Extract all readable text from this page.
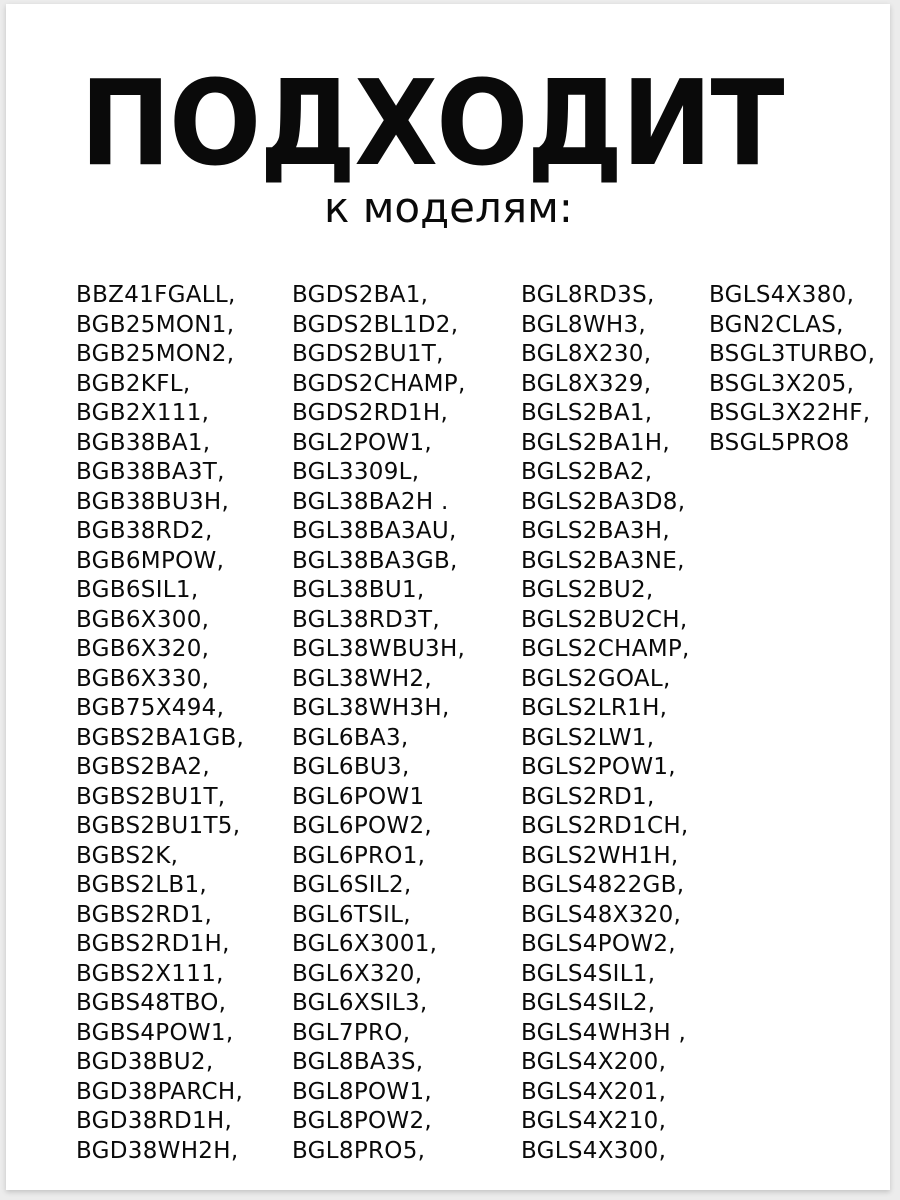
ПОДХОДИТ
к моделям:
BBZ41FGALL,
BGB25MON1,
BGB25MON2,
BGB2KFL,
BGB2X111,
BGB38BA1,
BGB38BA3T,
BGB38BU3H,
BGB38RD2,
BGB6MPOW,
BGB6SIL1,
BGB6X300,
BGB6X320,
BGB6X330,
BGB75X494,
BGBS2BA1GB,
BGBS2BA2,
BGBS2BU1T,
BGBS2BU1T5,
BGBS2K,
BGBS2LB1,
BGBS2RD1,
BGBS2RD1H,
BGBS2X111,
BGBS48TBO,
BGBS4POW1,
BGD38BU2,
BGD38PARCH,
BGD38RD1H,
BGD38WH2H,
BGDS2BA1,
BGDS2BL1D2,
BGDS2BU1T,
BGDS2CHAMP,
BGDS2RD1H,
BGL2POW1,
BGL3309L,
BGL38BA2H .
BGL38BA3AU,
BGL38BA3GB,
BGL38BU1,
BGL38RD3T,
BGL38WBU3H,
BGL38WH2,
BGL38WH3H,
BGL6BA3,
BGL6BU3,
BGL6POW1
BGL6POW2,
BGL6PRO1,
BGL6SIL2,
BGL6TSIL,
BGL6X3001,
BGL6X320,
BGL6XSIL3,
BGL7PRO,
BGL8BA3S,
BGL8POW1,
BGL8POW2,
BGL8PRO5,
BGL8RD3S,
BGL8WH3,
BGL8X230,
BGL8X329,
BGLS2BA1,
BGLS2BA1H,
BGLS2BA2,
BGLS2BA3D8,
BGLS2BA3H,
BGLS2BA3NE,
BGLS2BU2,
BGLS2BU2CH,
BGLS2CHAMP,
BGLS2GOAL,
BGLS2LR1H,
BGLS2LW1,
BGLS2POW1,
BGLS2RD1,
BGLS2RD1CH,
BGLS2WH1H,
BGLS4822GB,
BGLS48X320,
BGLS4POW2,
BGLS4SIL1,
BGLS4SIL2,
BGLS4WH3H ,
BGLS4X200,
BGLS4X201,
BGLS4X210,
BGLS4X300,
BGLS4X380,
BGN2CLAS,
BSGL3TURBO,
BSGL3X205,
BSGL3X22HF,
BSGL5PRO8
